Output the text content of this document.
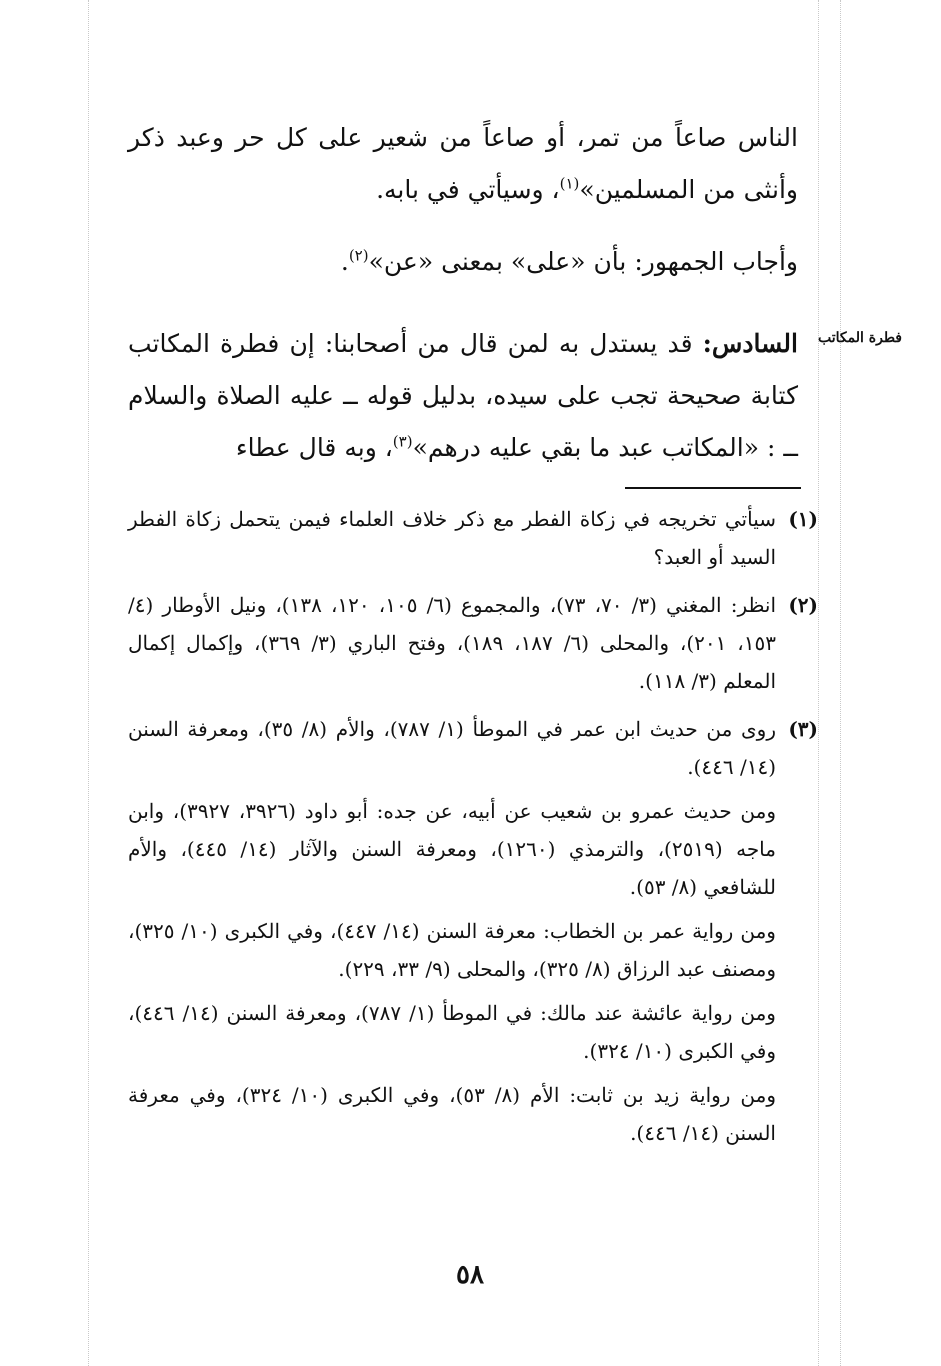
الناس صاعاً من تمر، أو صاعاً من شعير على كل حر وعبد ذكر وأنثى من المسلمين»$^{(١)}$، وسيأتي في بابه.

وأجاب الجمهور: بأن «على» بمعنى «عن»$^{(٢)}$.

السادس: قد يستدل به لمن قال من أصحابنا: إن فطرة المكاتب كتابة صحيحة تجب على سيده، بدليل قوله ــ عليه الصلاة والسلام ــ : «المكاتب عبد ما بقي عليه درهم»$^{(٣)}$، وبه قال عطاء

فطرة المكاتب
(١)

سيأتي تخريجه في زكاة الفطر مع ذكر خلاف العلماء فيمن يتحمل زكاة الفطر السيد أو العبد؟

(٢)

انظر: المغني (٣/ ٧٠، ٧٣)، والمجموع (٦/ ١٠٥، ١٢٠، ١٣٨)، ونيل الأوطار (٤/ ١٥٣، ٢٠١)، والمحلى (٦/ ١٨٧، ١٨٩)، وفتح الباري (٣/ ٣٦٩)، وإكمال إكمال المعلم (٣/ ١١٨).

(٣)

روى من حديث ابن عمر في الموطأ (١/ ٧٨٧)، والأم (٨/ ٣٥)، ومعرفة السنن (١٤/ ٤٤٦).

ومن حديث عمرو بن شعيب عن أبيه، عن جده: أبو داود (٣٩٢٦، ٣٩٢٧)، وابن ماجه (٢٥١٩)، والترمذي (١٢٦٠)، ومعرفة السنن والآثار (١٤/ ٤٤٥)، والأم للشافعي (٨/ ٥٣).

ومن رواية عمر بن الخطاب: معرفة السنن (١٤/ ٤٤٧)، وفي الكبرى (١٠/ ٣٢٥)، ومصنف عبد الرزاق (٨/ ٣٢٥)، والمحلى (٩/ ٣٣، ٢٢٩).

ومن رواية عائشة عند مالك: في الموطأ (١/ ٧٨٧)، ومعرفة السنن (١٤/ ٤٤٦)، وفي الكبرى (١٠/ ٣٢٤).

ومن رواية زيد بن ثابت: الأم (٨/ ٥٣)، وفي الكبرى (١٠/ ٣٢٤)، وفي معرفة السنن (١٤/ ٤٤٦).

٥٨
